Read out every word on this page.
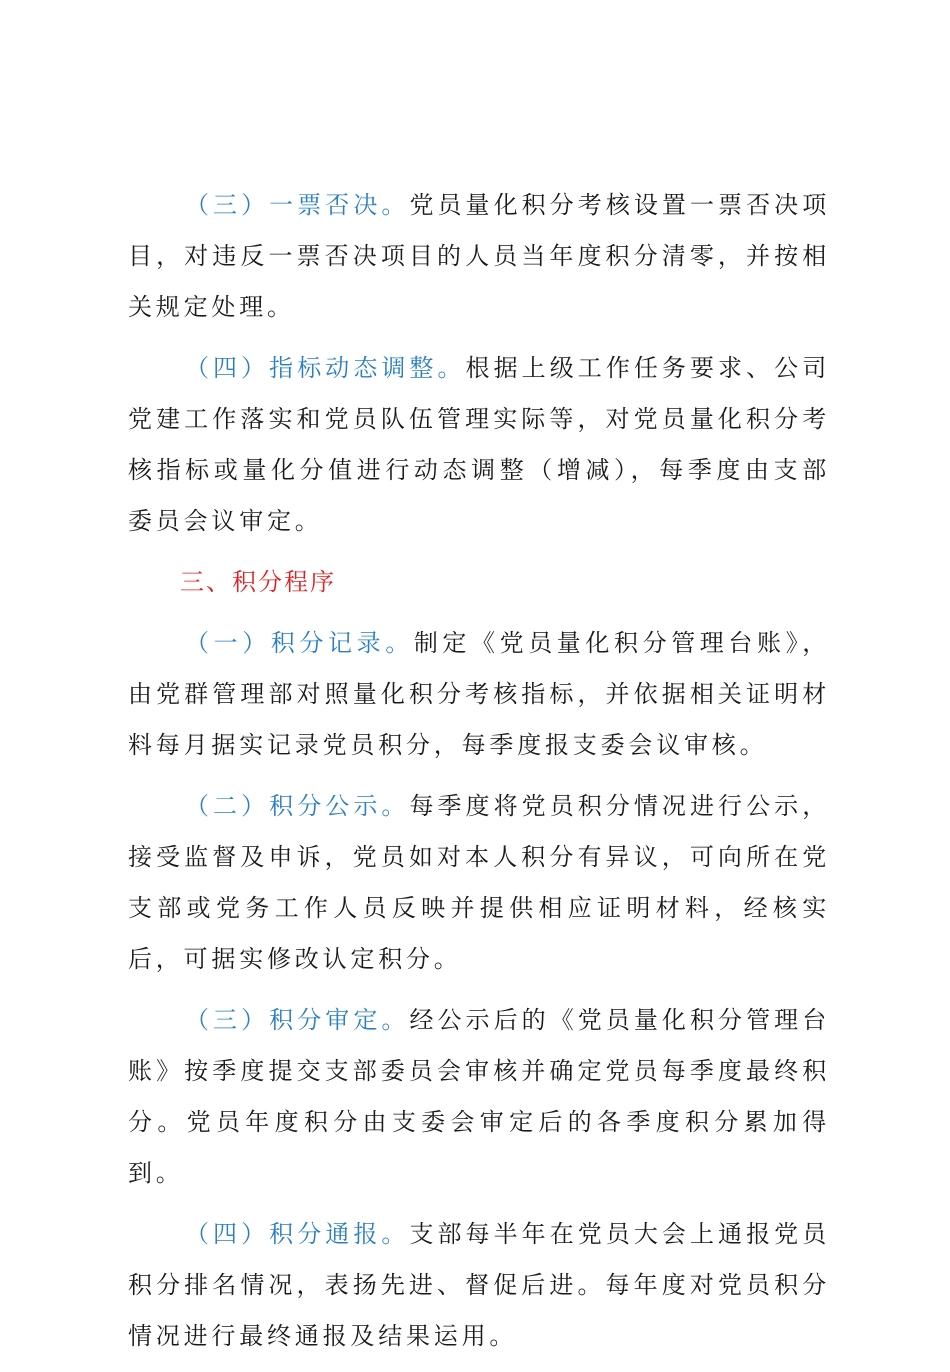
（三）一票否决。党员量化积分考核设置一票否决项目，对违反一票否决项目的人员当年度积分清零，并按相关规定处理。

（四）指标动态调整。根据上级工作任务要求、公司党建工作落实和党员队伍管理实际等，对党员量化积分考核指标或量化分值进行动态调整（增减），每季度由支部委员会议审定。

三、积分程序

（一）积分记录。制定《党员量化积分管理台账》，由党群管理部对照量化积分考核指标，并依据相关证明材料每月据实记录党员积分，每季度报支委会议审核。

（二）积分公示。每季度将党员积分情况进行公示，接受监督及申诉，党员如对本人积分有异议，可向所在党支部或党务工作人员反映并提供相应证明材料，经核实后，可据实修改认定积分。

（三）积分审定。经公示后的《党员量化积分管理台账》按季度提交支部委员会审核并确定党员每季度最终积分。党员年度积分由支委会审定后的各季度积分累加得到。

（四）积分通报。支部每半年在党员大会上通报党员积分排名情况，表扬先进、督促后进。每年度对党员积分情况进行最终通报及结果运用。
